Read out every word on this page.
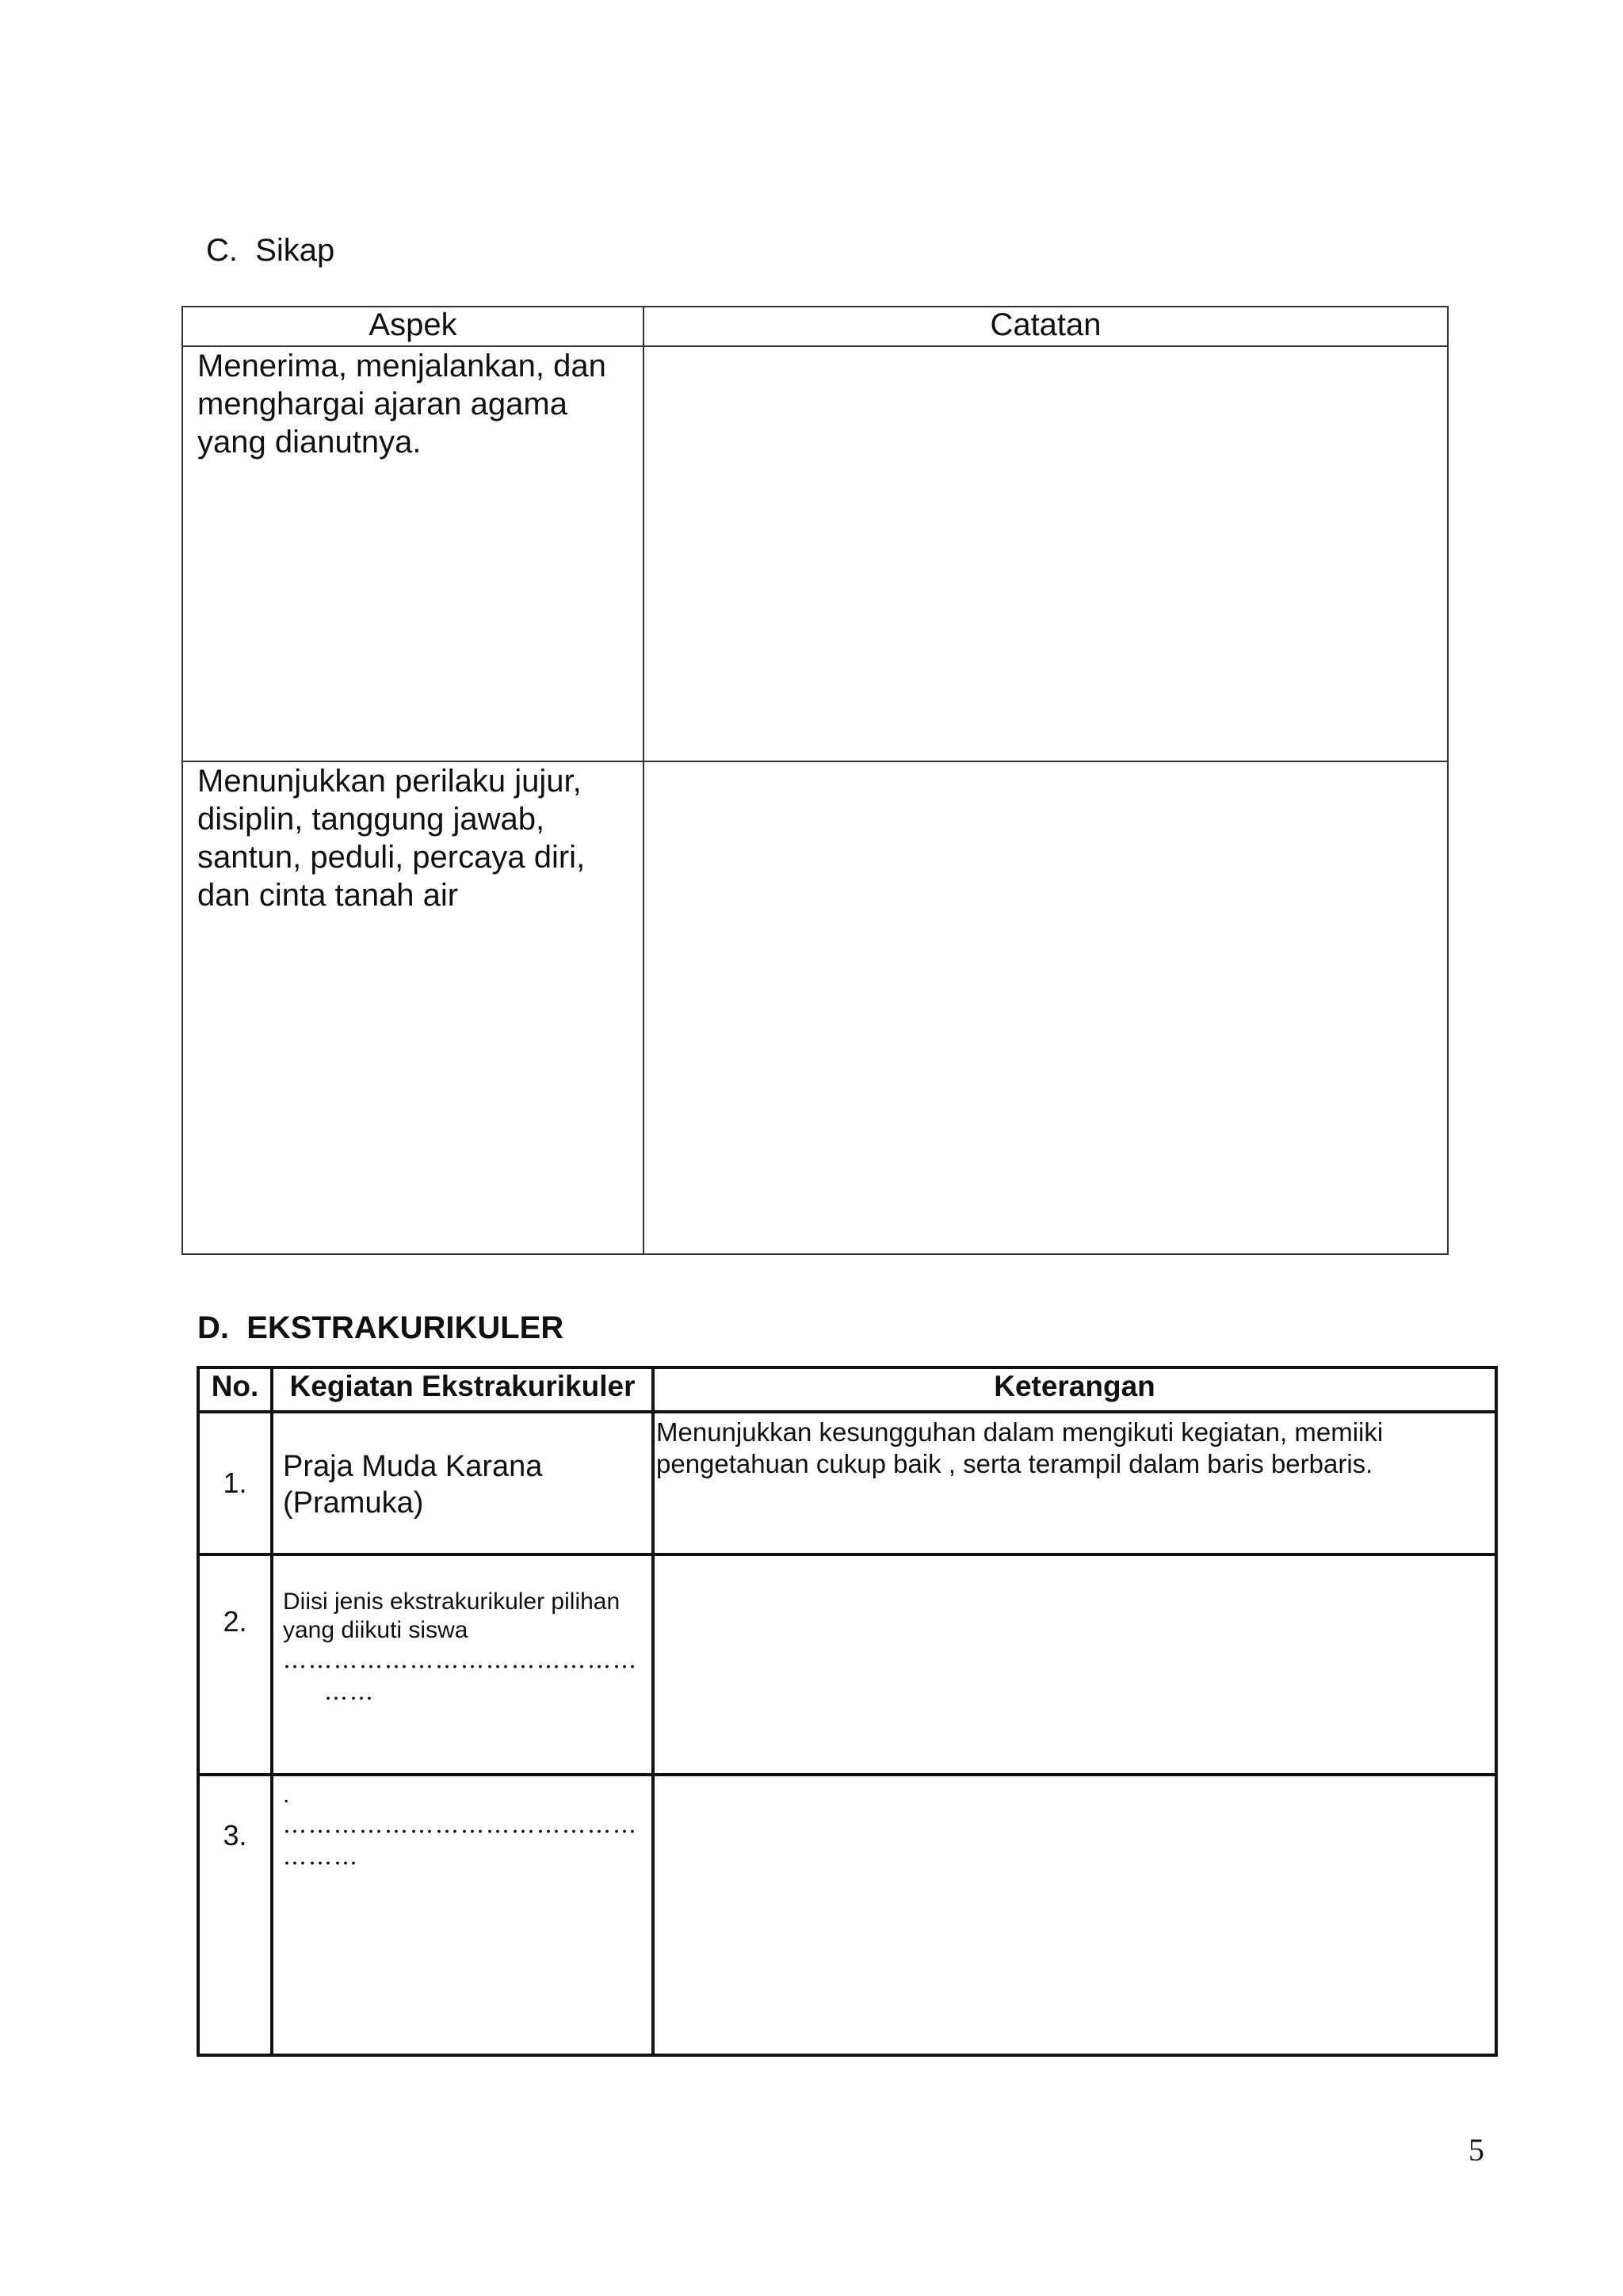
C.  Sikap
Aspek	Catatan
Menerima, menjalankan, dan menghargai ajaran agama yang dianutnya.	
Menunjukkan perilaku jujur, disiplin, tanggung jawab, santun, peduli, percaya diri, dan cinta tanah air	
D.  EKSTRAKURIKULER
No.	Kegiatan Ekstrakurikuler	Keterangan
1.	Praja Muda Karana (Pramuka)	Menunjukkan kesungguhan dalam mengikuti kegiatan, memiiki pengetahuan cukup baik , serta terampil dalam baris berbaris.

2.	Diisi jenis ekstrakurikuler pilihan yang diikuti siswa
……………………………………
……	

3.	.
……………………………………
………	

5
